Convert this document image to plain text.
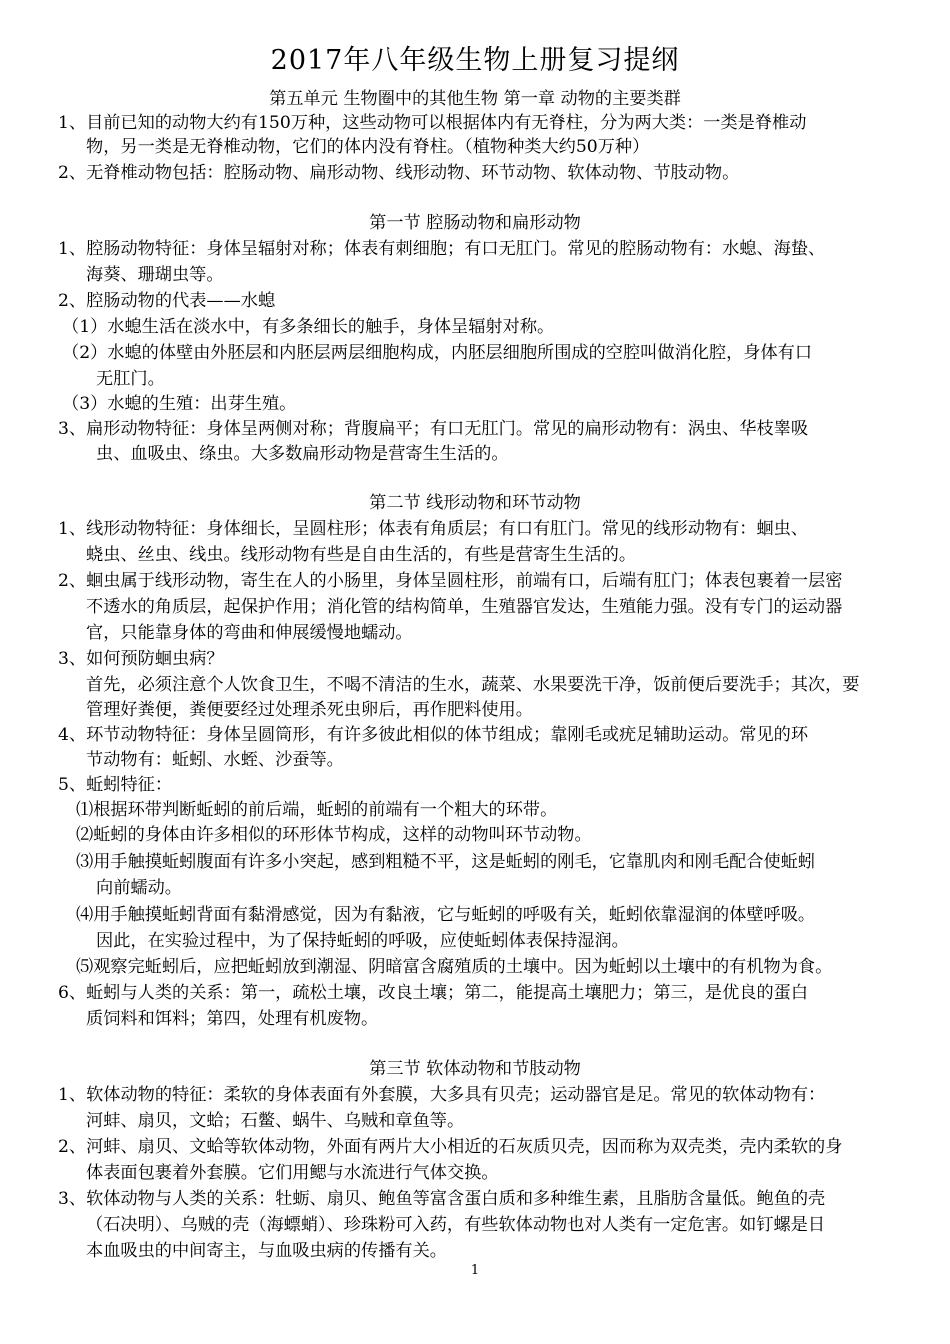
2017年八年级生物上册复习提纲
第五单元 生物圈中的其他生物 第一章 动物的主要类群
1、目前已知的动物大约有150万种，这些动物可以根据体内有无脊柱，分为两大类：一类是脊椎动
物，另一类是无脊椎动物，它们的体内没有脊柱。（植物种类大约50万种）
2、无脊椎动物包括：腔肠动物、扁形动物、线形动物、环节动物、软体动物、节肢动物。
第一节 腔肠动物和扁形动物
1、腔肠动物特征：身体呈辐射对称；体表有刺细胞；有口无肛门。常见的腔肠动物有：水螅、海蛰、
海葵、珊瑚虫等。
2、腔肠动物的代表——水螅
（1）水螅生活在淡水中，有多条细长的触手，身体呈辐射对称。
（2）水螅的体壁由外胚层和内胚层两层细胞构成，内胚层细胞所围成的空腔叫做消化腔，身体有口
无肛门。
（3）水螅的生殖：出芽生殖。
3、扁形动物特征：身体呈两侧对称；背腹扁平；有口无肛门。常见的扁形动物有：涡虫、华枝睾吸
虫、血吸虫、绦虫。大多数扁形动物是营寄生生活的。
第二节 线形动物和环节动物
1、线形动物特征：身体细长，呈圆柱形；体表有角质层；有口有肛门。常见的线形动物有：蛔虫、
蛲虫、丝虫、线虫。线形动物有些是自由生活的，有些是营寄生生活的。
2、蛔虫属于线形动物，寄生在人的小肠里，身体呈圆柱形，前端有口，后端有肛门；体表包裹着一层密
不透水的角质层，起保护作用；消化管的结构简单，生殖器官发达，生殖能力强。没有专门的运动器
官，只能靠身体的弯曲和伸展缓慢地蠕动。
3、如何预防蛔虫病？
首先，必须注意个人饮食卫生，不喝不清洁的生水，蔬菜、水果要洗干净，饭前便后要洗手；其次，要
管理好粪便，粪便要经过处理杀死虫卵后，再作肥料使用。
4、环节动物特征：身体呈圆筒形，有许多彼此相似的体节组成；靠刚毛或疣足辅助运动。常见的环
节动物有：蚯蚓、水蛭、沙蚕等。
5、蚯蚓特征：
⑴根据环带判断蚯蚓的前后端，蚯蚓的前端有一个粗大的环带。
⑵蚯蚓的身体由许多相似的环形体节构成，这样的动物叫环节动物。
⑶用手触摸蚯蚓腹面有许多小突起，感到粗糙不平，这是蚯蚓的刚毛，它靠肌肉和刚毛配合使蚯蚓
向前蠕动。
⑷用手触摸蚯蚓背面有黏滑感觉，因为有黏液，它与蚯蚓的呼吸有关，蚯蚓依靠湿润的体壁呼吸。
因此，在实验过程中，为了保持蚯蚓的呼吸，应使蚯蚓体表保持湿润。
⑸观察完蚯蚓后，应把蚯蚓放到潮湿、阴暗富含腐殖质的土壤中。因为蚯蚓以土壤中的有机物为食。
6、蚯蚓与人类的关系：第一，疏松土壤，改良土壤；第二，能提高土壤肥力；第三，是优良的蛋白
质饲料和饵料；第四，处理有机废物。
第三节 软体动物和节肢动物
1、软体动物的特征：柔软的身体表面有外套膜，大多具有贝壳；运动器官是足。常见的软体动物有：
河蚌、扇贝，文蛤；石鳖、蜗牛、乌贼和章鱼等。
2、河蚌、扇贝、文蛤等软体动物，外面有两片大小相近的石灰质贝壳，因而称为双壳类，壳内柔软的身
体表面包裹着外套膜。它们用鳃与水流进行气体交换。
3、软体动物与人类的关系：牡蛎、扇贝、鲍鱼等富含蛋白质和多种维生素，且脂肪含量低。鲍鱼的壳
（石决明）、乌贼的壳（海螵蛸）、珍珠粉可入药，有些软体动物也对人类有一定危害。如钉螺是日
本血吸虫的中间寄主，与血吸虫病的传播有关。
1
